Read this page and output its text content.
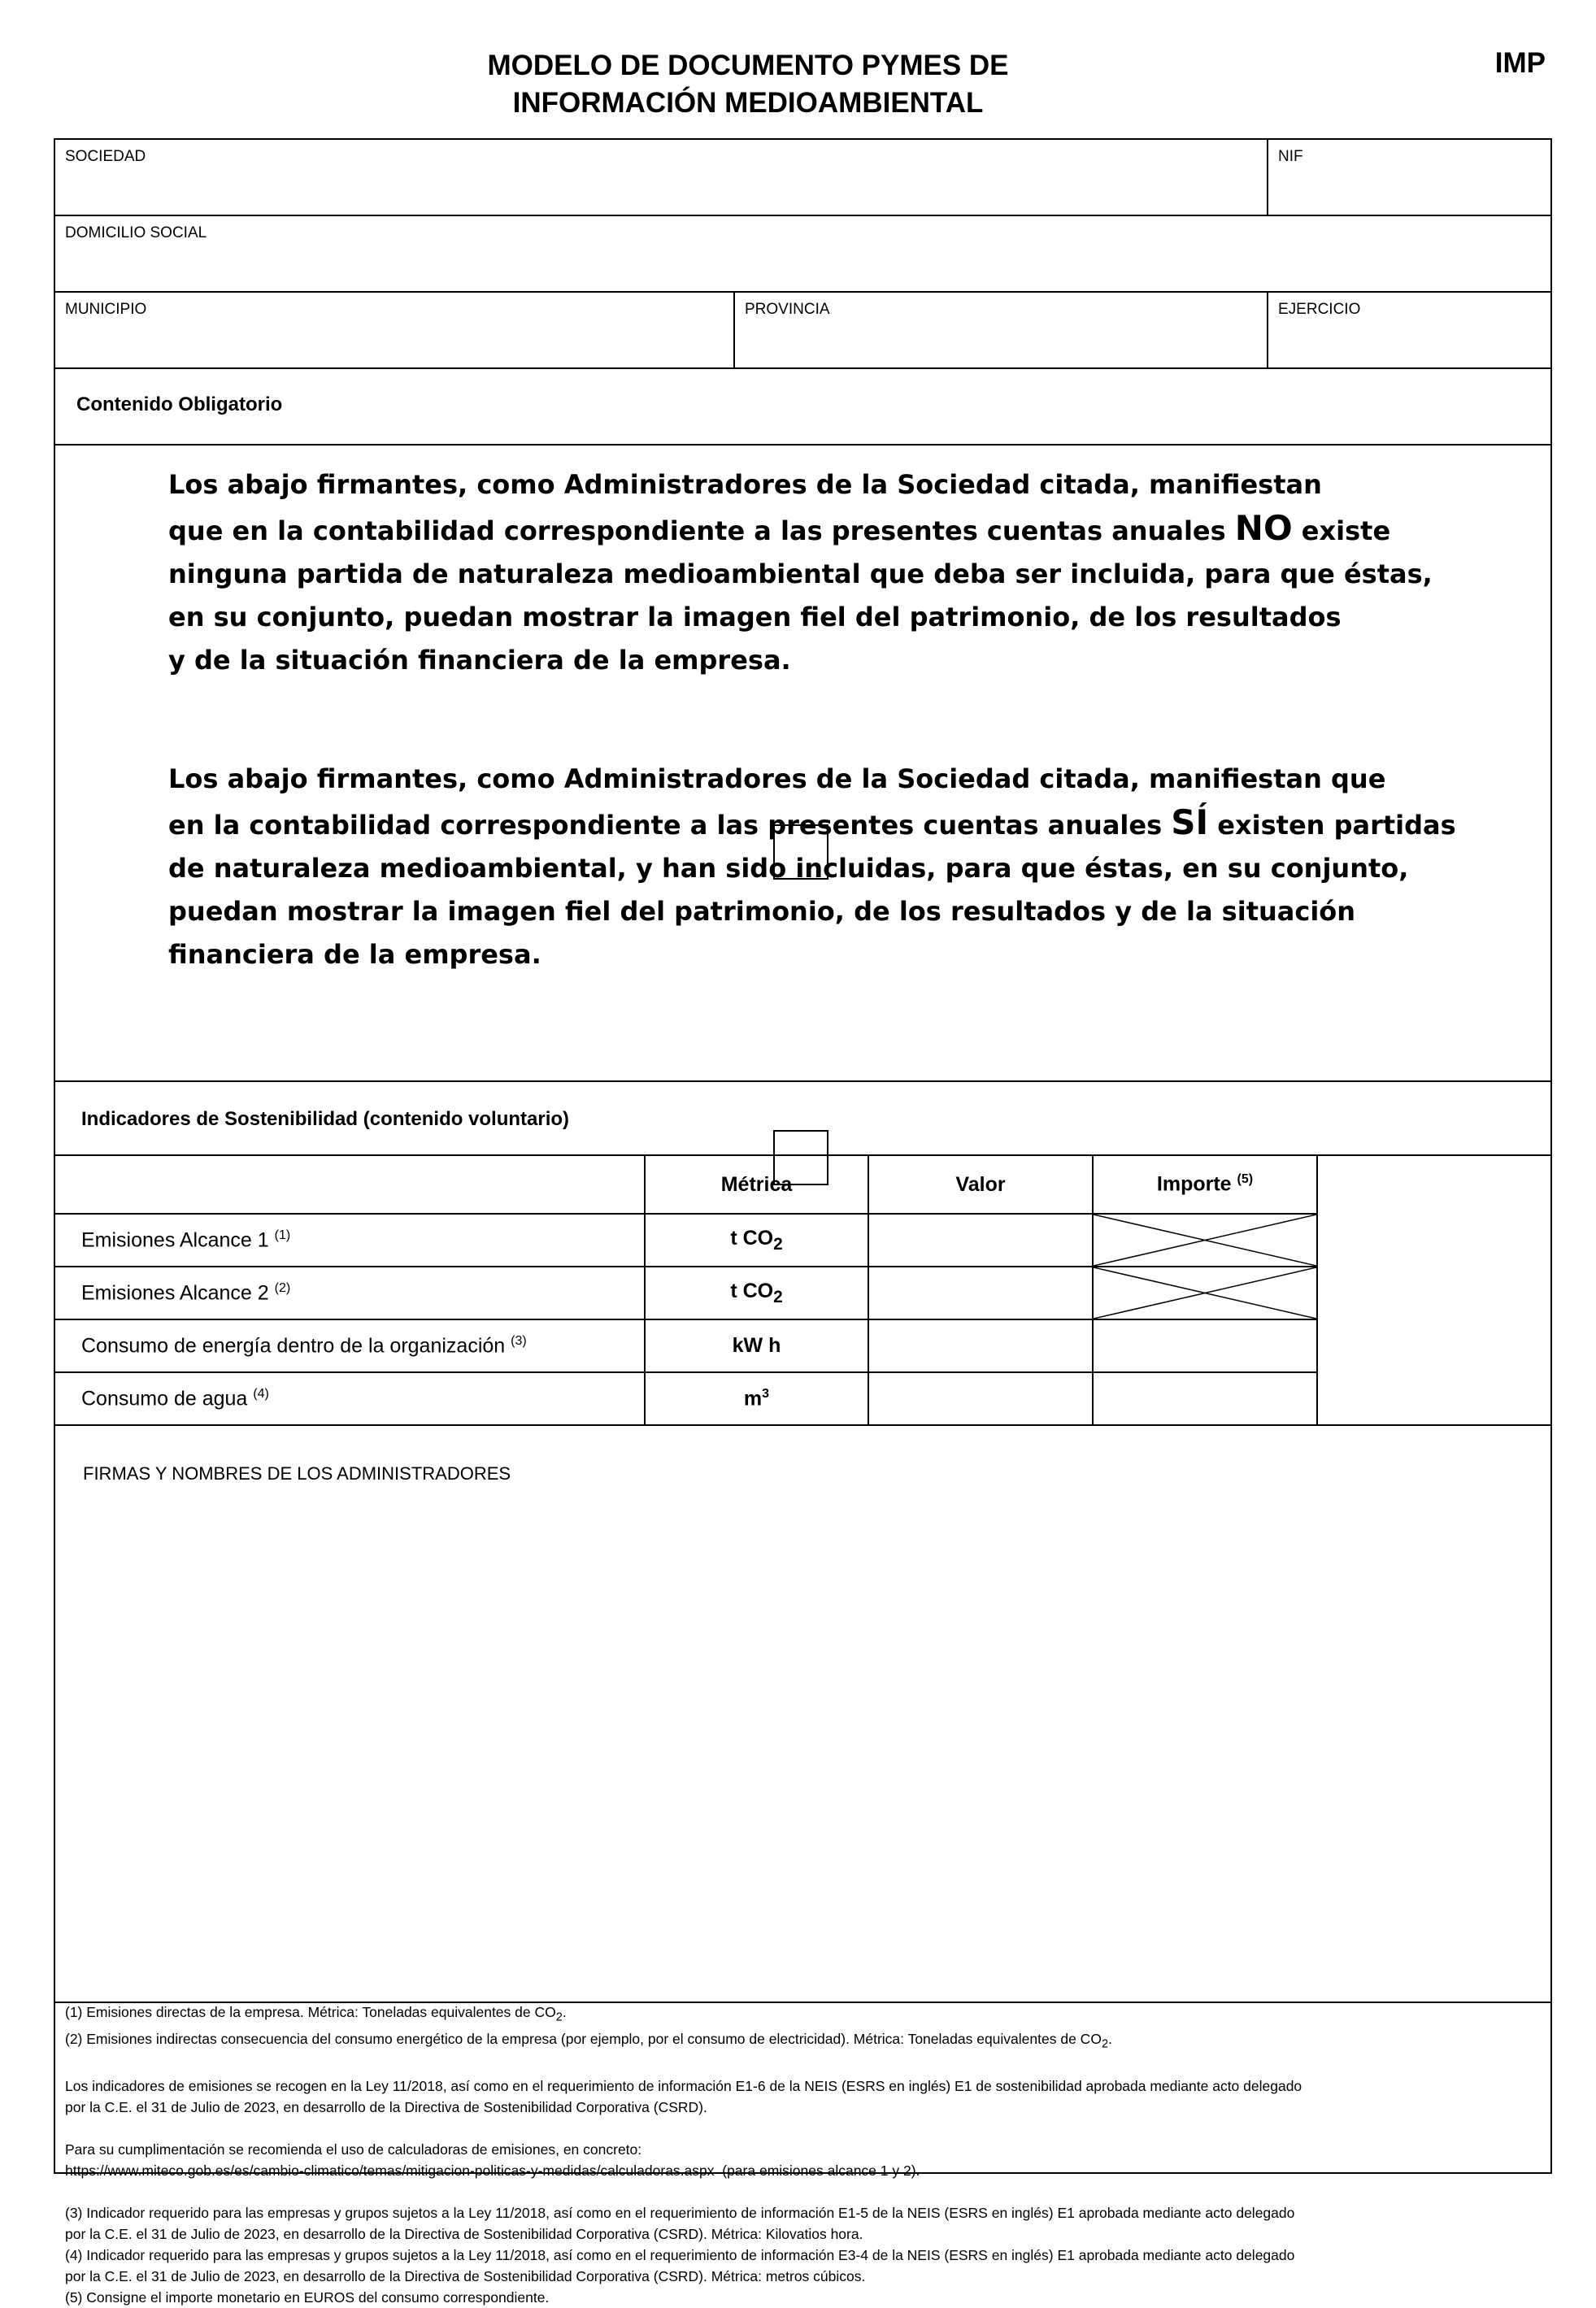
MODELO DE DOCUMENTO PYMES DE
INFORMACIÓN MEDIOAMBIENTAL
IMP
SOCIEDAD	NIF
DOMICILIO SOCIAL
MUNICIPIO	PROVINCIA	EJERCICIO
Contenido Obligatorio

Los abajo firmantes, como Administradores de la Sociedad citada, manifiestan

que en la contabilidad correspondiente a las presentes cuentas anuales NO existe

ninguna partida de naturaleza medioambiental que deba ser incluida, para que éstas,

en su conjunto, puedan mostrar la imagen fiel del patrimonio, de los resultados

y de la situación financiera de la empresa.

Los abajo firmantes, como Administradores de la Sociedad citada, manifiestan que

en la contabilidad correspondiente a las presentes cuentas anuales SÍ existen partidas

de naturaleza medioambiental, y han sido incluidas, para que éstas, en su conjunto,

puedan mostrar la imagen fiel del patrimonio, de los resultados y de la situación

financiera de la empresa.

Indicadores de Sostenibilidad (contenido voluntario)
	Métrica	Valor	Importe $^{(5)}$
Emisiones Alcance 1 $^{(1)}$	t $CO_2$		

Emisiones Alcance 2 $^{(2)}$	t $CO_2$		

Consumo de energía dentro de la organización $^{(3)}$	kW h		
Consumo de agua $^{(4)}$	$m^3$		
FIRMAS Y NOMBRES DE LOS ADMINISTRADORES

(1) Emisiones directas de la empresa. Métrica: Toneladas equivalentes de $CO_2$.

(2) Emisiones indirectas consecuencia del consumo energético de la empresa (por ejemplo, por el consumo de electricidad). Métrica: Toneladas equivalentes de $CO_2$.

Los indicadores de emisiones se recogen en la Ley 11/2018, así como en el requerimiento de información E1-6 de la NEIS (ESRS en inglés) E1 de sostenibilidad aprobada mediante acto delegado

por la C.E. el 31 de Julio de 2023, en desarrollo de la Directiva de Sostenibilidad Corporativa (CSRD).

Para su cumplimentación se recomienda el uso de calculadoras de emisiones, en concreto:

https://www.miteco.gob.es/es/cambio-climatico/temas/mitigacion-politicas-y-medidas/calculadoras.aspx  (para emisiones alcance 1 y 2).

(3) Indicador requerido para las empresas y grupos sujetos a la Ley 11/2018, así como en el requerimiento de información E1-5 de la NEIS (ESRS en inglés) E1 aprobada mediante acto delegado

por la C.E. el 31 de Julio de 2023, en desarrollo de la Directiva de Sostenibilidad Corporativa (CSRD). Métrica: Kilovatios hora.

(4) Indicador requerido para las empresas y grupos sujetos a la Ley 11/2018, así como en el requerimiento de información E3-4 de la NEIS (ESRS en inglés) E1 aprobada mediante acto delegado

por la C.E. el 31 de Julio de 2023, en desarrollo de la Directiva de Sostenibilidad Corporativa (CSRD). Métrica: metros cúbicos.

(5) Consigne el importe monetario en EUROS del consumo correspondiente.
